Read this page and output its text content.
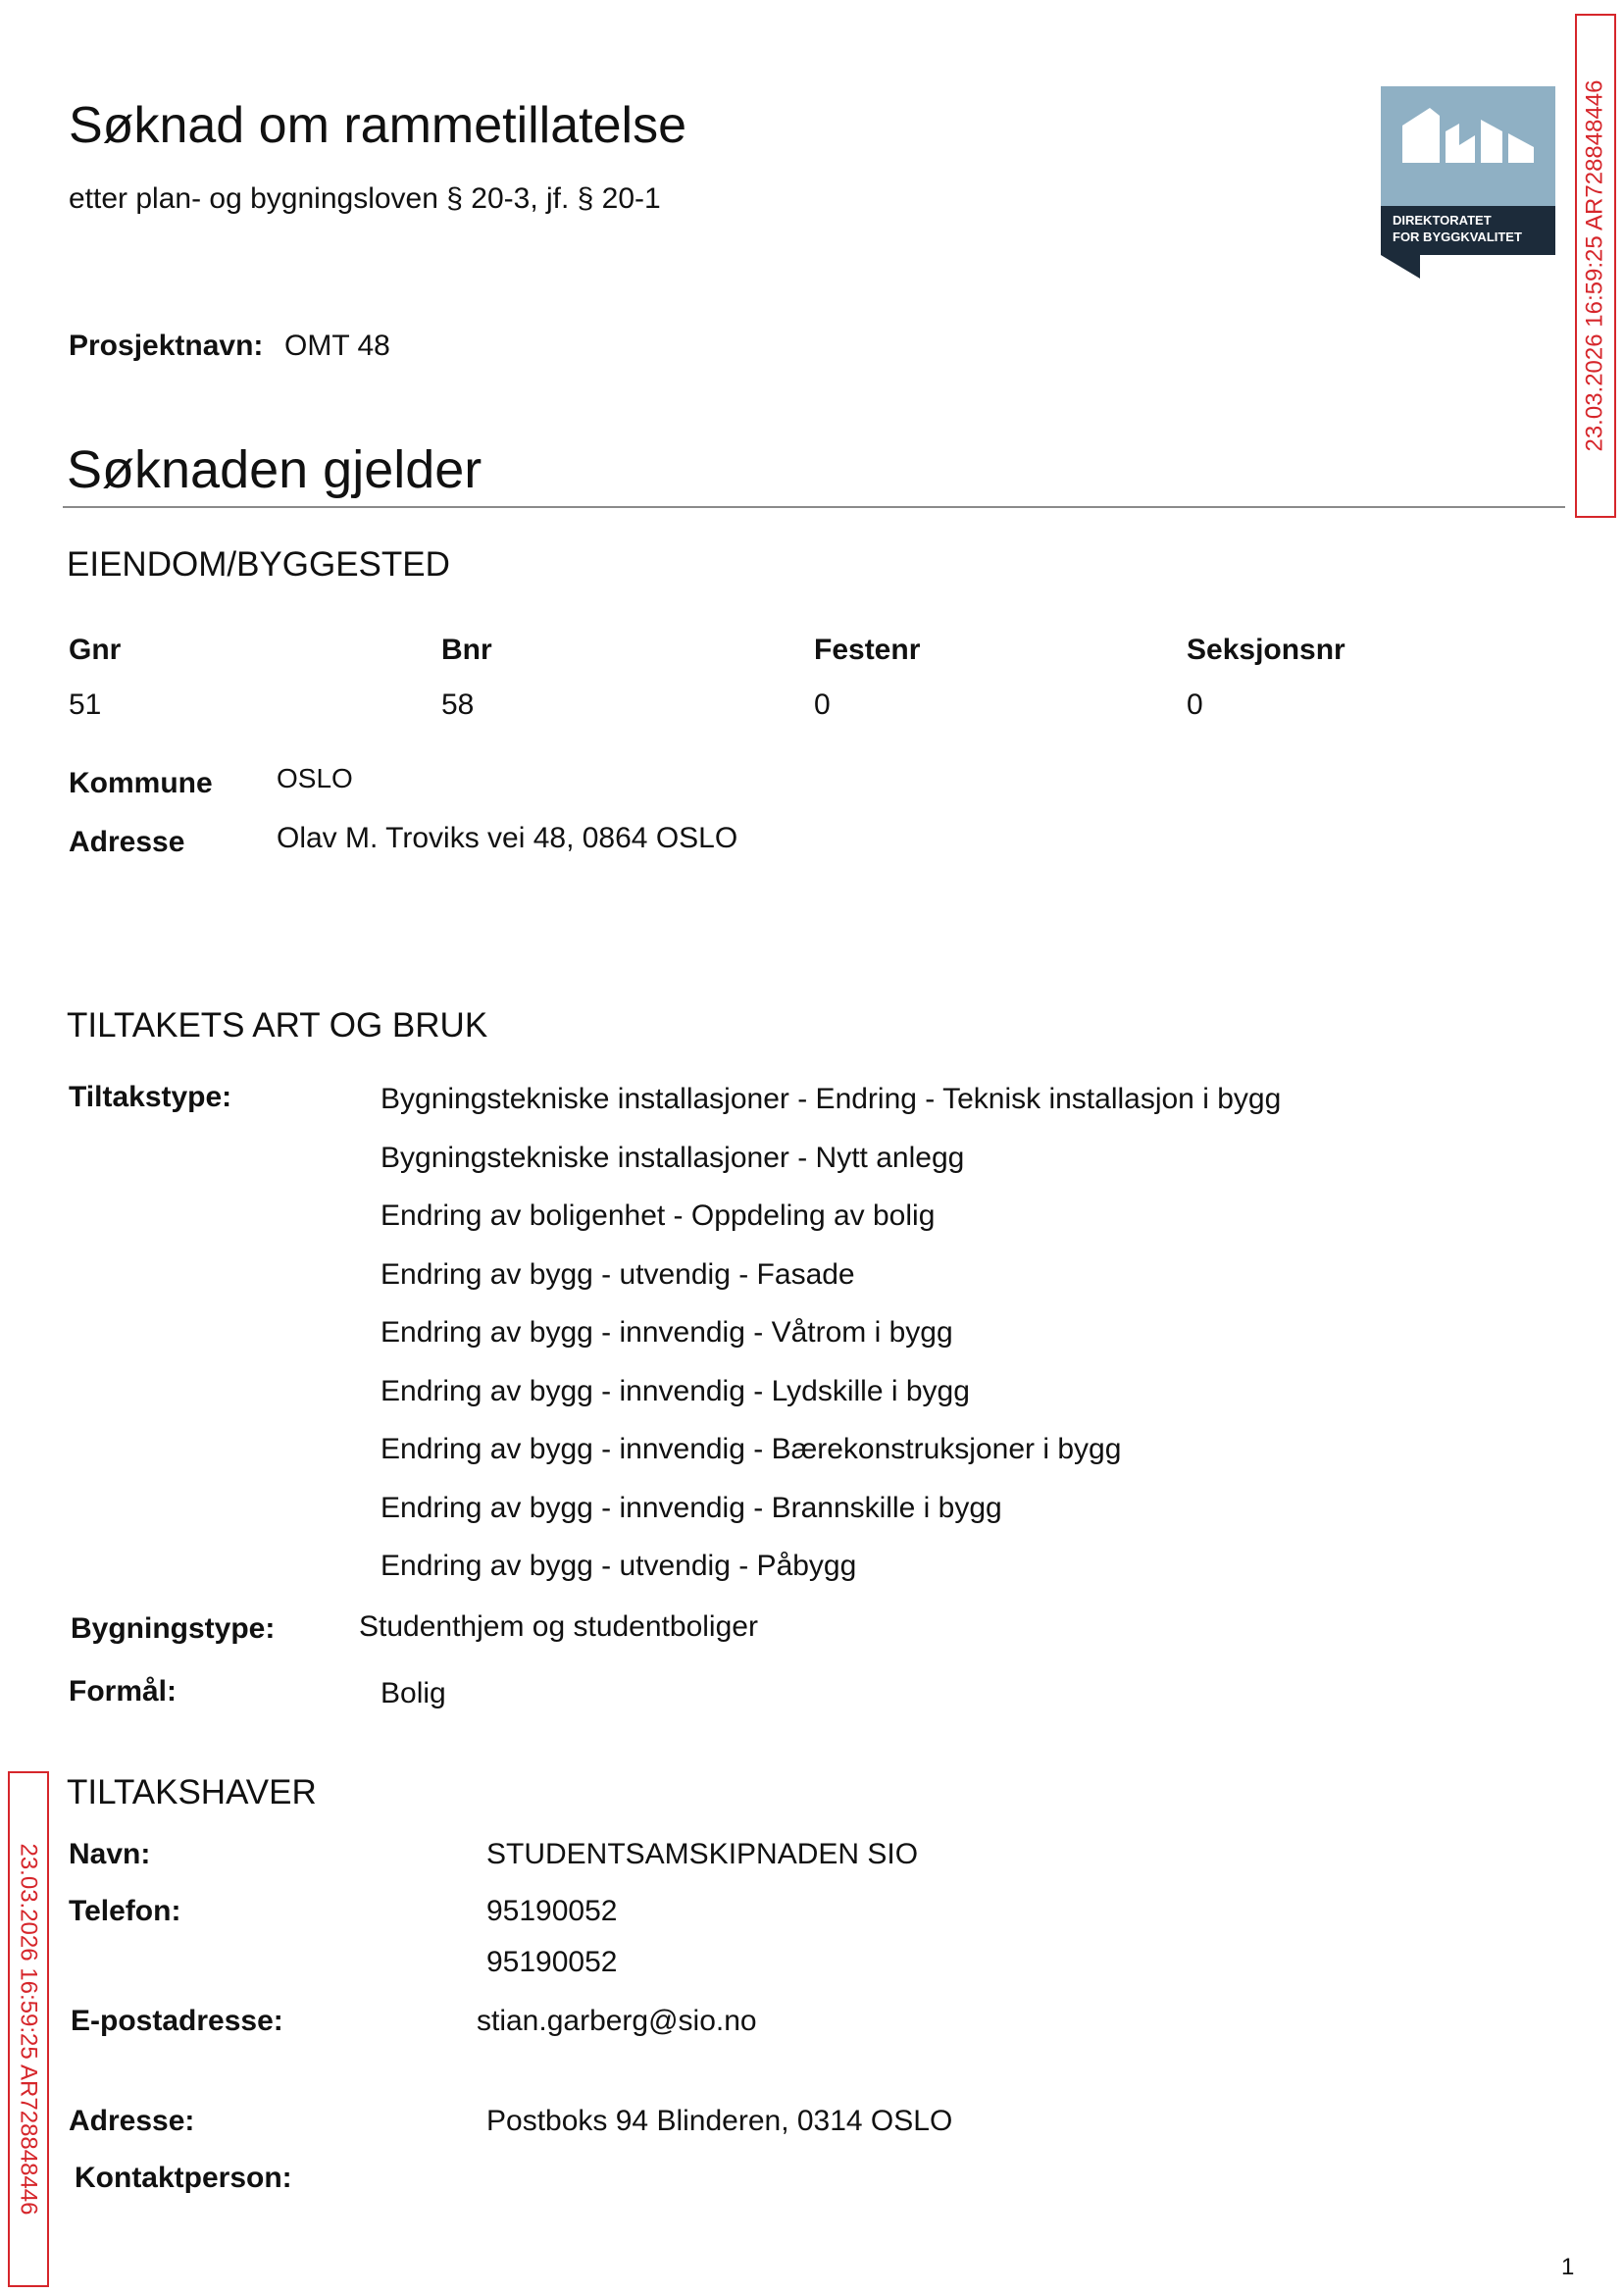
Søknad om rammetillatelse
etter plan- og bygningsloven § 20-3, jf. § 20-1
DIREKTORATET
FOR BYGGKVALITET	23.03.2026 16:59:25 AR728848446
23.03.2026 16:59:25 AR728848446
Prosjektnavn: OMT 48
Søknaden gjelder
EIENDOM/BYGGESTED
Gnr	Bnr	Festenr	Seksjonsnr
51	58	0	0
Kommune OSLO
Adresse	Olav M. Troviks vei 48, 0864 OSLO
TILTAKETS ART OG BRUK
Tiltakstype:	Bygningstekniske installasjoner - Endring - Teknisk installasjon i bygg
Bygningstekniske installasjoner - Nytt anlegg
Endring av boligenhet - Oppdeling av bolig
Endring av bygg - utvendig - Fasade
Endring av bygg - innvendig - Våtrom i bygg
Endring av bygg - innvendig - Lydskille i bygg
Endring av bygg - innvendig - Bærekonstruksjoner i bygg
Endring av bygg - innvendig - Brannskille i bygg
Endring av bygg - utvendig - Påbygg
Bygningstype:	Studenthjem og studentboliger
Formål:	Bolig
TILTAKSHAVER
Navn:	STUDENTSAMSKIPNADEN SIO
Telefon:	95190052
95190052
E-postadresse:	stian.garberg@sio.no
Adresse:	Postboks 94 Blinderen, 0314 OSLO
Kontaktperson:
1
